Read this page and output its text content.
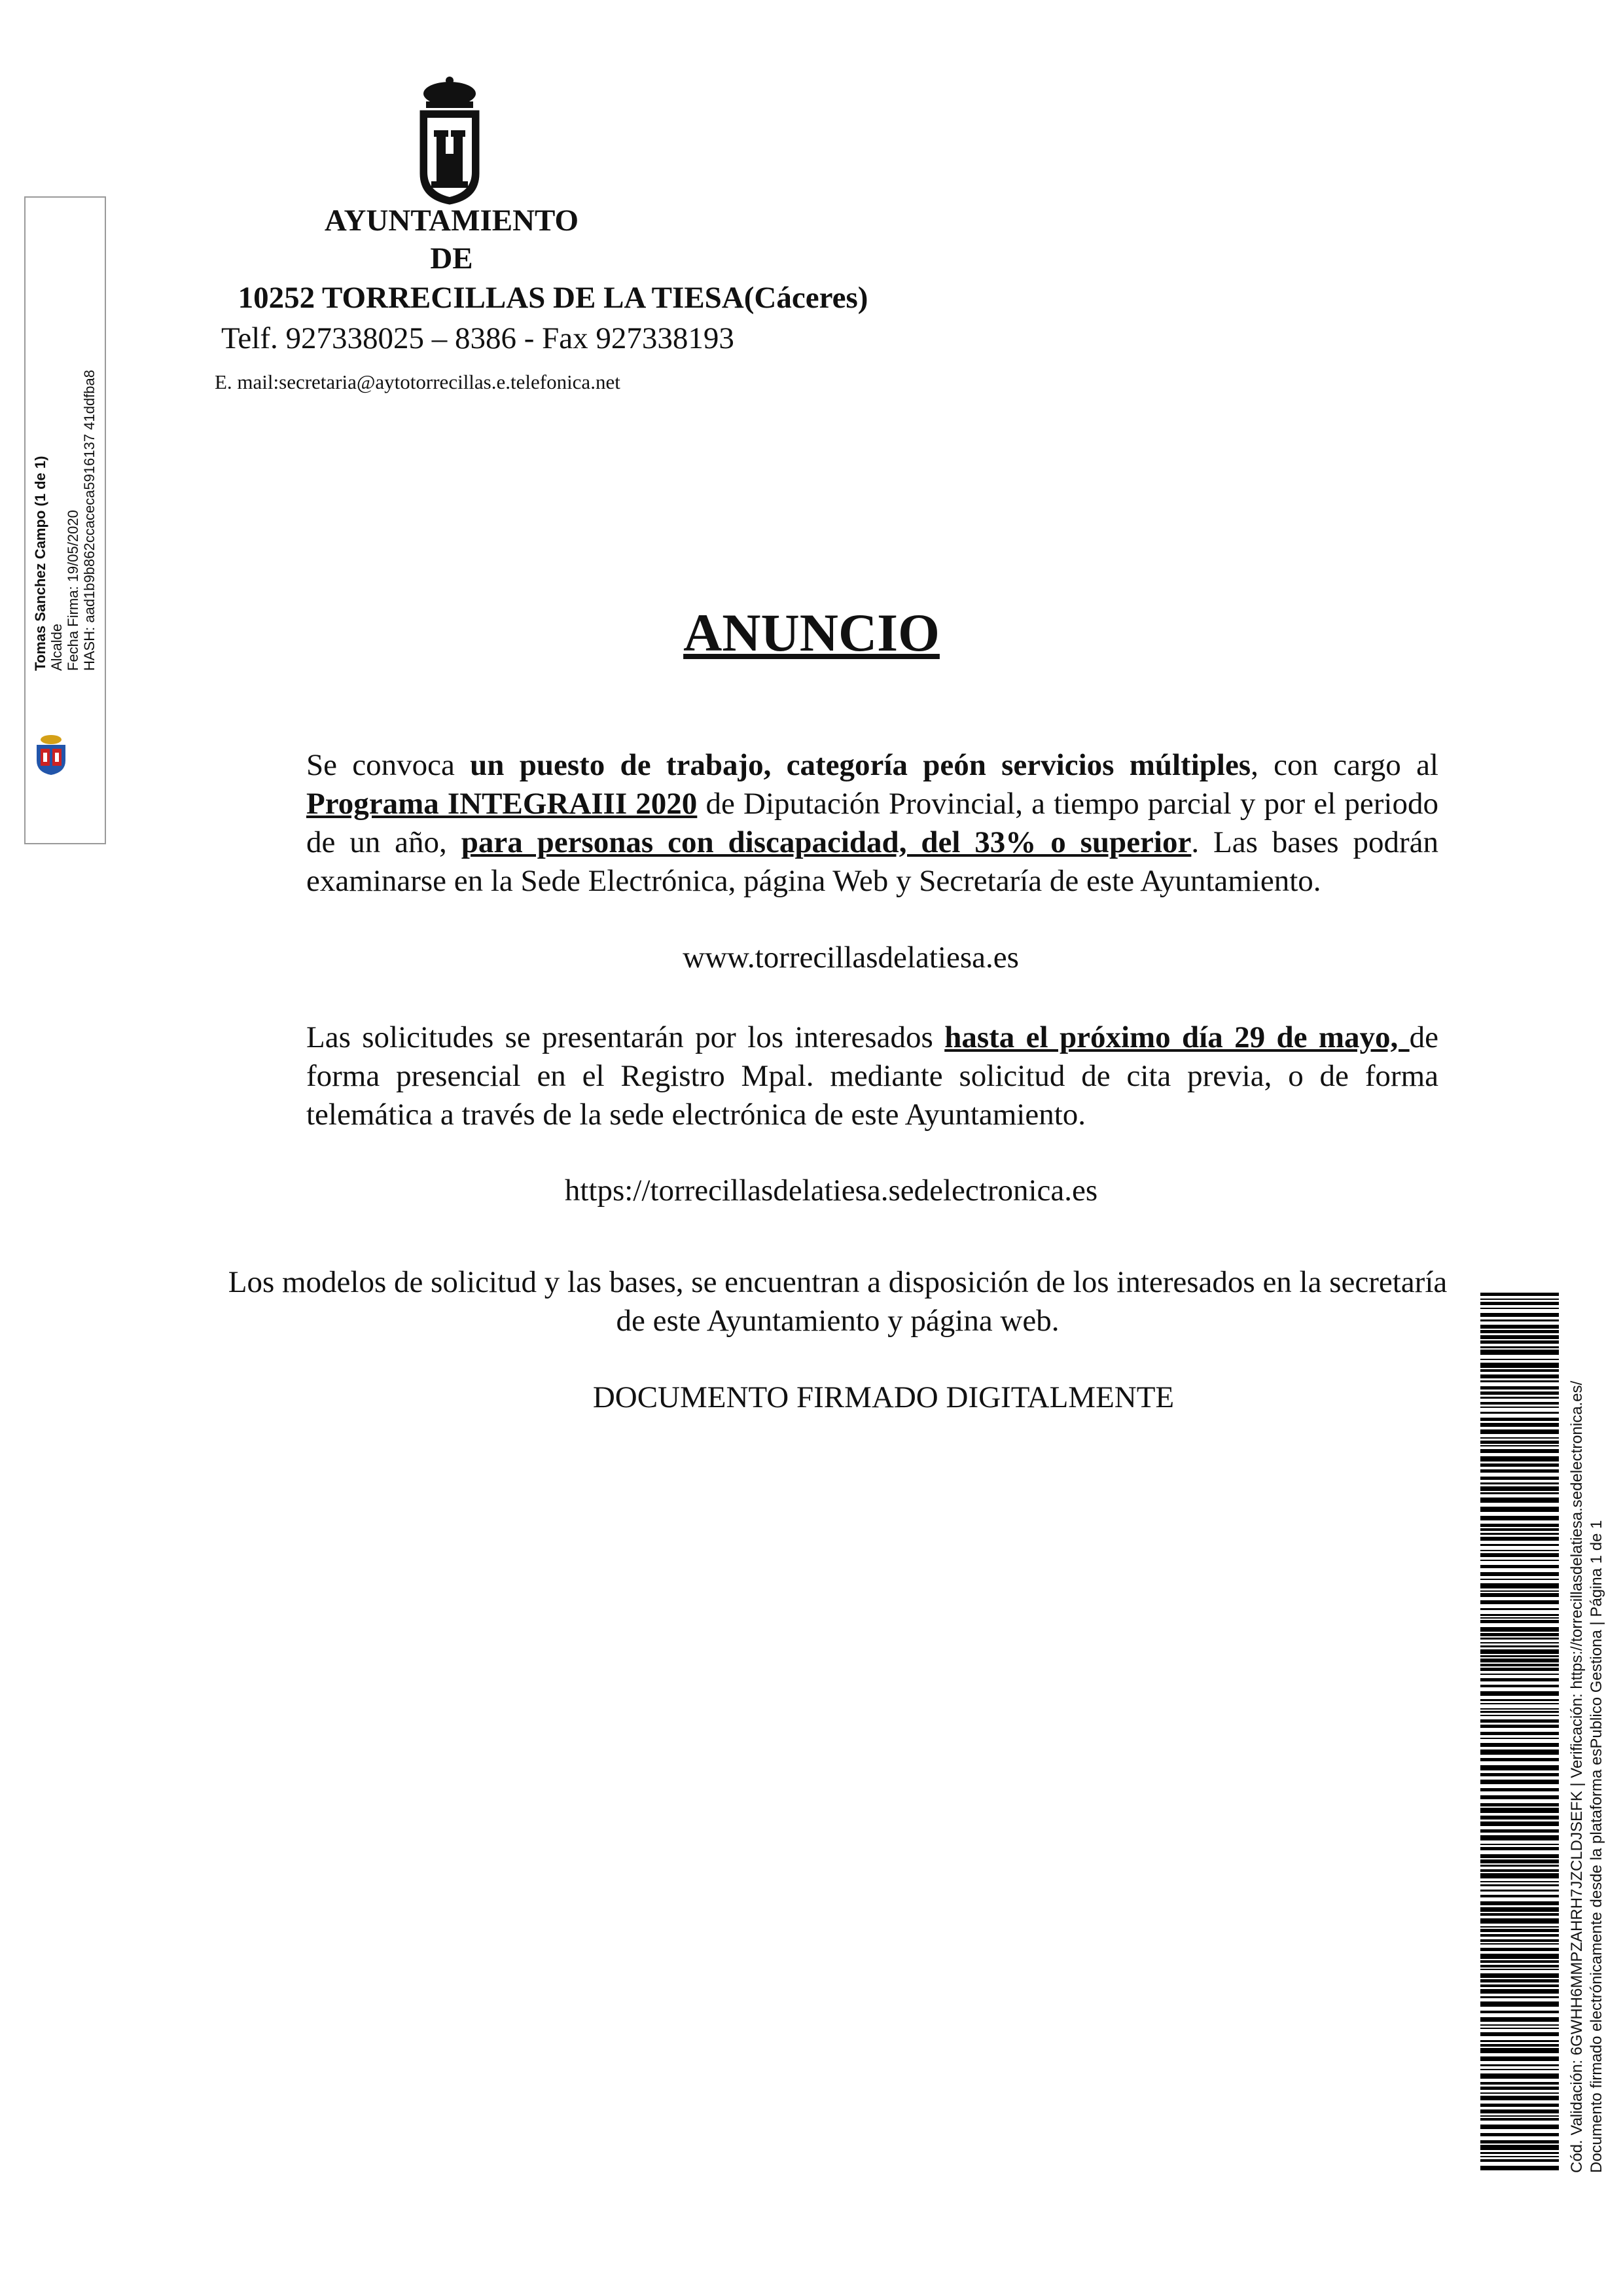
AYUNTAMIENTO
DE
10252 TORRECILLAS DE LA TIESA(Cáceres)
Telf. 927338025 – 8386 - Fax 927338193
E. mail:secretaria@aytotorrecillas.e.telefonica.net
ANUNCIO
Se convoca un puesto de trabajo, categoría peón servicios múltiples, con cargo al Programa INTEGRAIII 2020 de Diputación Provincial, a tiempo parcial y por el periodo de un año, para personas con discapacidad, del 33% o superior. Las bases podrán examinarse en la Sede Electrónica, página Web y Secretaría de este Ayuntamiento.
www.torrecillasdelatiesa.es
Las solicitudes se presentarán por los interesados hasta el próximo día 29 de mayo, de forma presencial en el Registro Mpal. mediante solicitud de cita previa, o de forma telemática a través de la sede electrónica de este Ayuntamiento.
https://torrecillasdelatiesa.sedelectronica.es
Los modelos de solicitud y las bases, se encuentran a disposición de los interesados en la secretaría de este Ayuntamiento y página web.
DOCUMENTO FIRMADO DIGITALMENTE
Tomas Sanchez Campo (1 de 1) Alcalde Fecha Firma: 19/05/2020 HASH: aad1b9b862ccaceca5916137 41ddfba8
Cód. Validación: 6GWHH6MMPZAHRH7JZCLDJSEFK | Verificación: https://torrecillasdelatiesa.sedelectronica.es/ Documento firmado electrónicamente desde la plataforma esPublico Gestiona | Página 1 de 1
